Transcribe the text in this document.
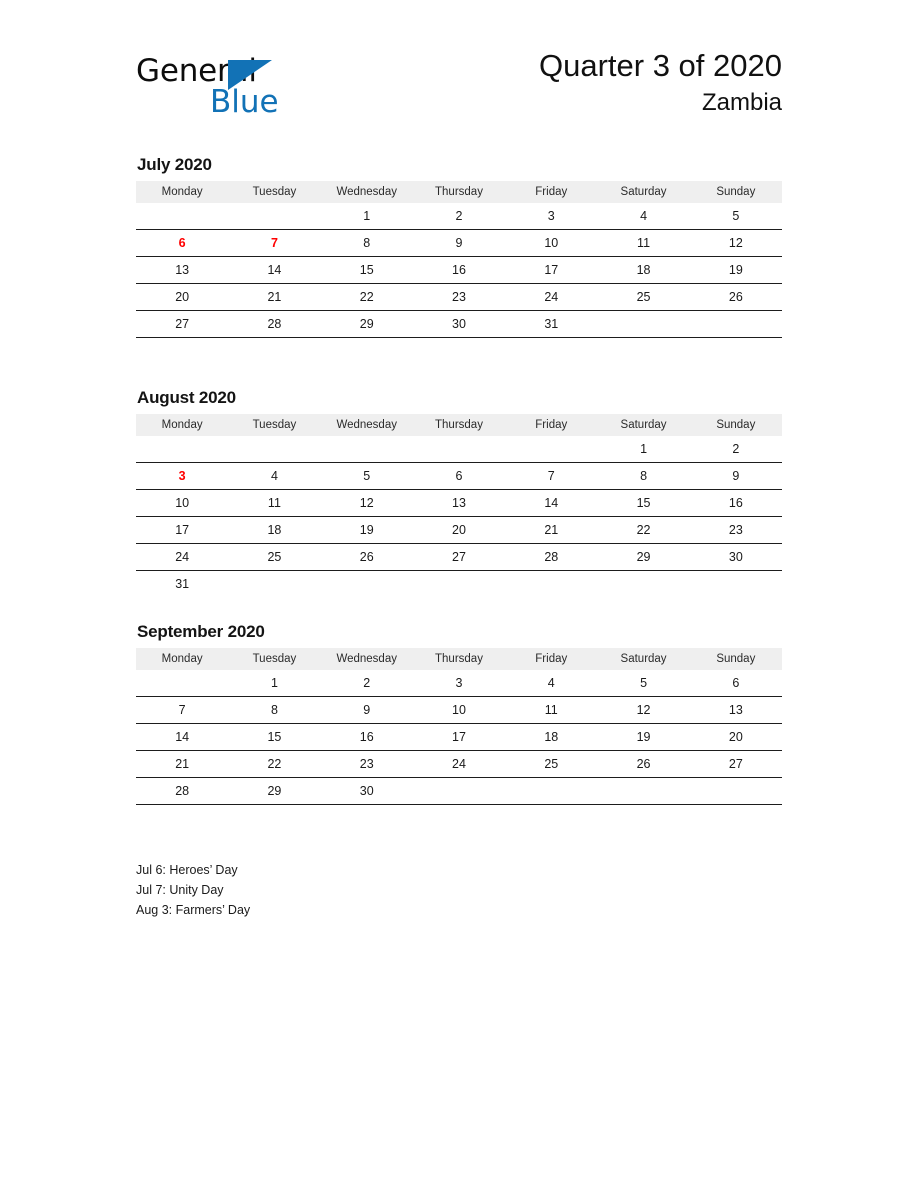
General
Blue
Quarter 3 of 2020
Zambia
July 2020
Monday	Tuesday	Wednesday	Thursday	Friday	Saturday	Sunday
		1	2	3	4	5
6	7	8	9	10	11	12
13	14	15	16	17	18	19
20	21	22	23	24	25	26
27	28	29	30	31		
August 2020
Monday	Tuesday	Wednesday	Thursday	Friday	Saturday	Sunday
					1	2
3	4	5	6	7	8	9
10	11	12	13	14	15	16
17	18	19	20	21	22	23
24	25	26	27	28	29	30
31						
September 2020
Monday	Tuesday	Wednesday	Thursday	Friday	Saturday	Sunday
	1	2	3	4	5	6
7	8	9	10	11	12	13
14	15	16	17	18	19	20
21	22	23	24	25	26	27
28	29	30				
Jul 6: Heroes’ Day
Jul 7: Unity Day
Aug 3: Farmers’ Day
